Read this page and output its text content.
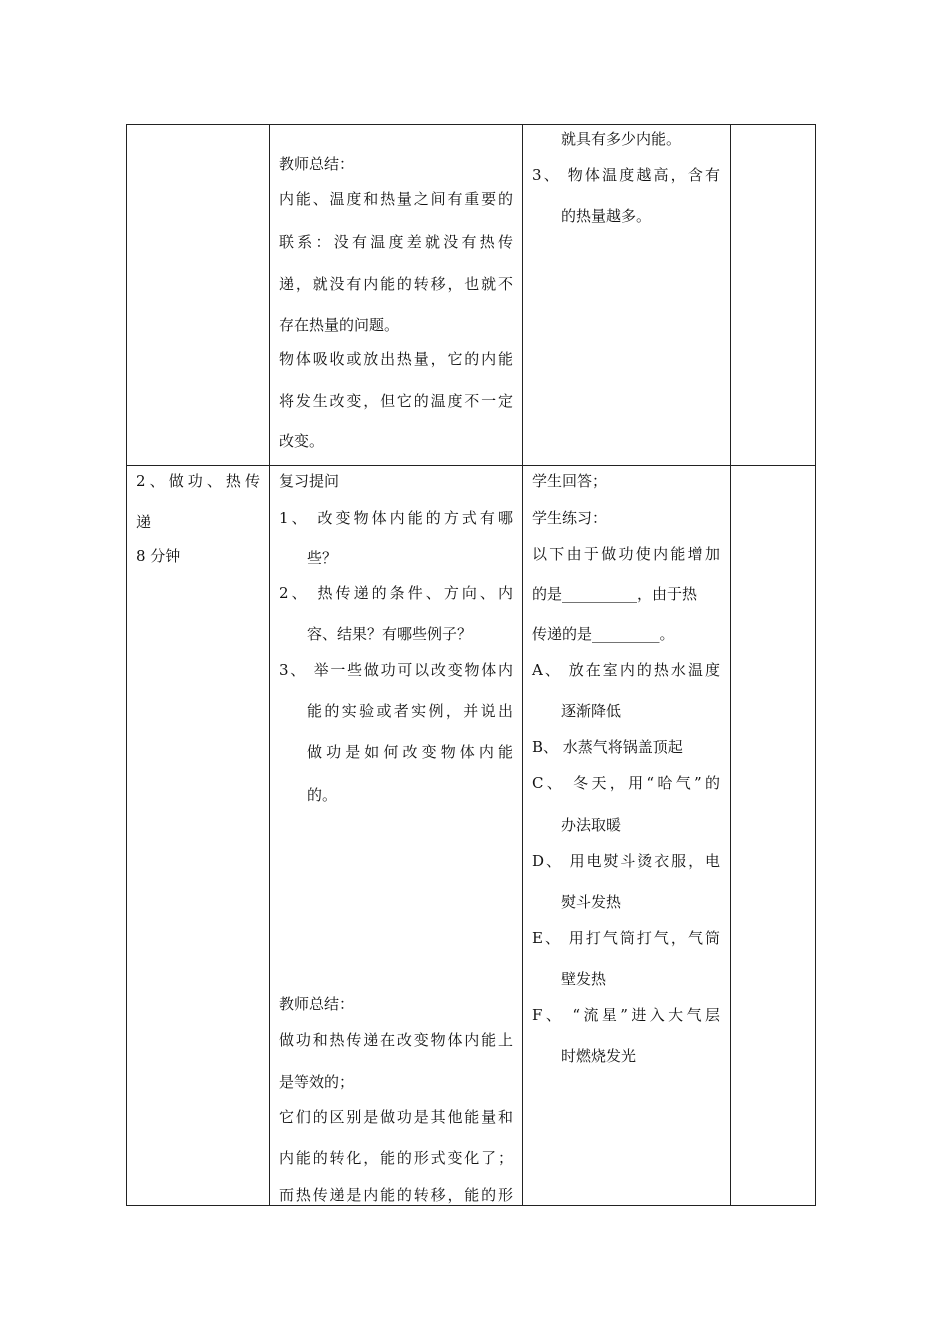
教师总结：
内能、温度和热量之间有重要的
联系：没有温度差就没有热传
递，就没有内能的转移，也就不
存在热量的问题。
物体吸收或放出热量，它的内能
将发生改变，但它的温度不一定
改变。
就具有多少内能。
3、 物体温度越高，含有
的热量越多。
2、做功、热传
递
8 分钟
复习提问
1、 改变物体内能的方式有哪
些？
2、 热传递的条件、方向、内
容、结果？有哪些例子？
3、 举一些做功可以改变物体内
能的实验或者实例，并说出
做功是如何改变物体内能
的。
教师总结：
做功和热传递在改变物体内能上
是等效的；
它们的区别是做功是其他能量和
内能的转化，能的形式变化了；
而热传递是内能的转移，能的形
学生回答；
学生练习：
以下由于做功使内能增加
的是__________，由于热
传递的是_________。
A、 放在室内的热水温度
逐渐降低
B、 水蒸气将锅盖顶起
C、 冬天，用“哈气”的
办法取暖
D、 用电熨斗烫衣服，电
熨斗发热
E、 用打气筒打气，气筒
壁发热
F、 “流星”进入大气层
时燃烧发光
